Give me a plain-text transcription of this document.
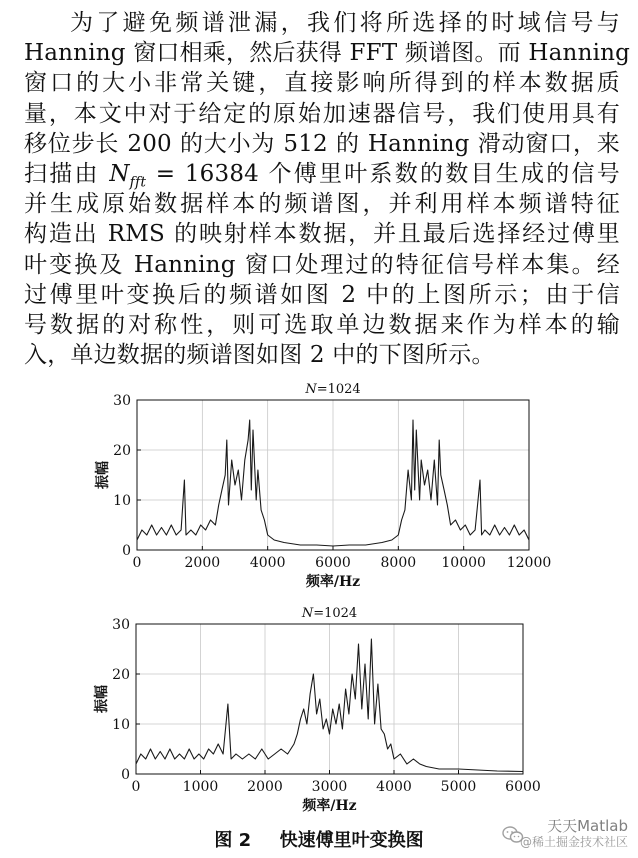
为了避免频谱泄漏，我们将所选择的时域信号与
Hanning 窗口相乘，然后获得 FFT 频谱图。而 Hanning
窗口的大小非常关键，直接影响所得到的样本数据质
量，本文中对于给定的原始加速器信号，我们使用具有
移位步长 200 的大小为 512 的 Hanning 滑动窗口，来
扫描由 $N_{fft} = 16384$ 个傅里叶系数的数目生成的信号
并生成原始数据样本的频谱图，并利用样本频谱特征
构造出 RMS 的映射样本数据，并且最后选择经过傅里
叶变换及 Hanning 窗口处理过的特征信号样本集。经
过傅里叶变换后的频谱如图 2 中的上图所示；由于信
号数据的对称性，则可选取单边数据来作为样本的输
入，单边数据的频谱图如图 2 中的下图所示。
N=1024
0	2000 4000 6000 8000 10000 12000
0
10
20
30
频率/Hz
振幅
N=1024
0	1000 2000 3000 4000 5000 6000
0
10
20
30
频率/Hz
振幅
图 2 快速傅里叶变换图
天天Matlab
@稀土掘金技术社区
